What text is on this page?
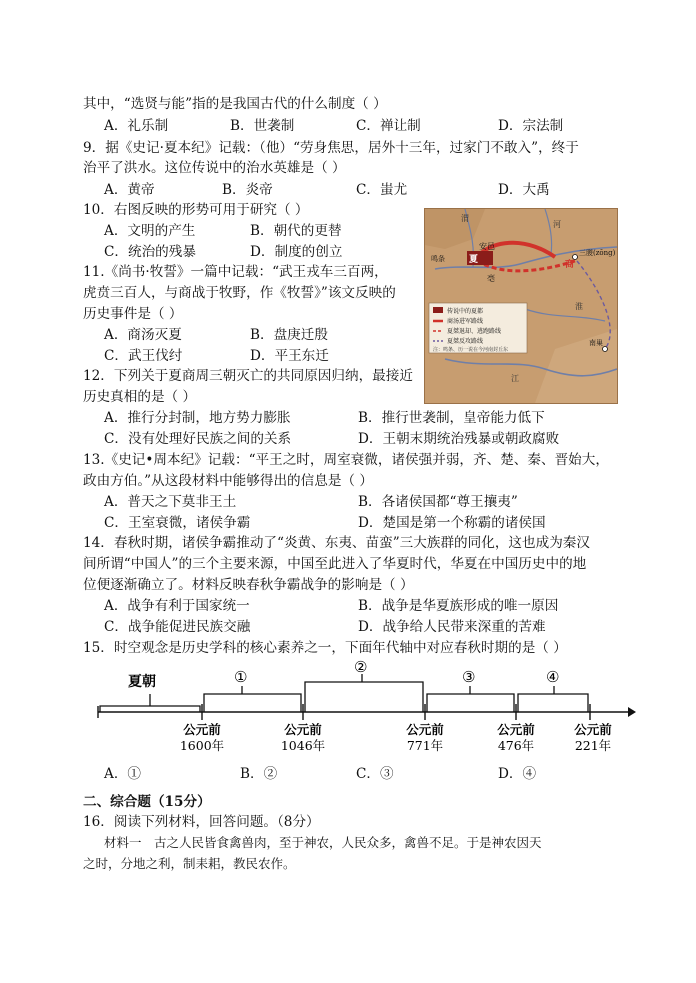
其中，“选贤与能”指的是我国古代的什么制度（ ）
A．礼乐制	B．世袭制	C．禅让制	D．宗法制
9．据《史记·夏本纪》记载：（他）“劳身焦思，居外十三年，过家门不敢入”，终于
治平了洪水。这位传说中的治水英雄是（ ）
A．黄帝	B．炎帝	C．蚩尤	D．大禹
10．右图反映的形势可用于研究（ ）
A．文明的产生	B．朝代的更替
C．统治的残暴	D．制度的创立
11.《尚书·牧誓》一篇中记载：“武王戎车三百两，
虎贲三百人，与商战于牧野，作《牧誓》”该文反映的
历史事件是（ ）
A．商汤灭夏	B．盘庚迁殷
C．武王伐纣	D．平王东迁
12．下列关于夏商周三朝灭亡的共同原因归纳，最接近
历史真相的是（ ）
A．推行分封制，地方势力膨胀	B．推行世袭制，皇帝能力低下
C．没有处理好民族之间的关系	D．王朝末期统治残暴或朝政腐败
13.《史记•周本纪》记载：“平王之时，周室衰微，诸侯强并弱，齐、楚、秦、晋始大，
政由方伯。”从这段材料中能够得出的信息是（ ）
A．普天之下莫非王土	B．各诸侯国都“尊王攘夷”
C．王室衰微，诸侯争霸	D．楚国是第一个称霸的诸侯国
14．春秋时期，诸侯争霸推动了“炎黄、东夷、苗蛮”三大族群的同化，这也成为秦汉
间所谓“中国人”的三个主要来源，中国至此进入了华夏时代，华夏在中国历史中的地
位便逐渐确立了。材料反映春秋争霸战争的影响是（ ）
A．战争有利于国家统一	B．战争是华夏族形成的唯一原因
C．战争能促进民族交融	D．战争给人民带来深重的苦难
15．时空观念是历史学科的核心素养之一，下面年代轴中对应春秋时期的是（ ）
夏朝	①
②
③	④
公元前
1600年
公元前
1046年
公元前
771年
公元前
476年
公元前
221年
A．①	B．②	C．③	D．④
二、综合题（15分）
16．阅读下列材料，回答问题。（8分）
材料一　古之人民皆食禽兽肉，至于神农，人民众多，禽兽不足。于是神农因天
之时，分地之利，制耒耜，教民农作。
渭
河
淮
江
安邑
夏	商
鸣条
亳
三朡(zōng)
南巢
传说中的夏都
商汤进军路线
夏桀退却、逃跑路线
夏桀反攻路线
注：鸣条、历一说在今河南封丘东
